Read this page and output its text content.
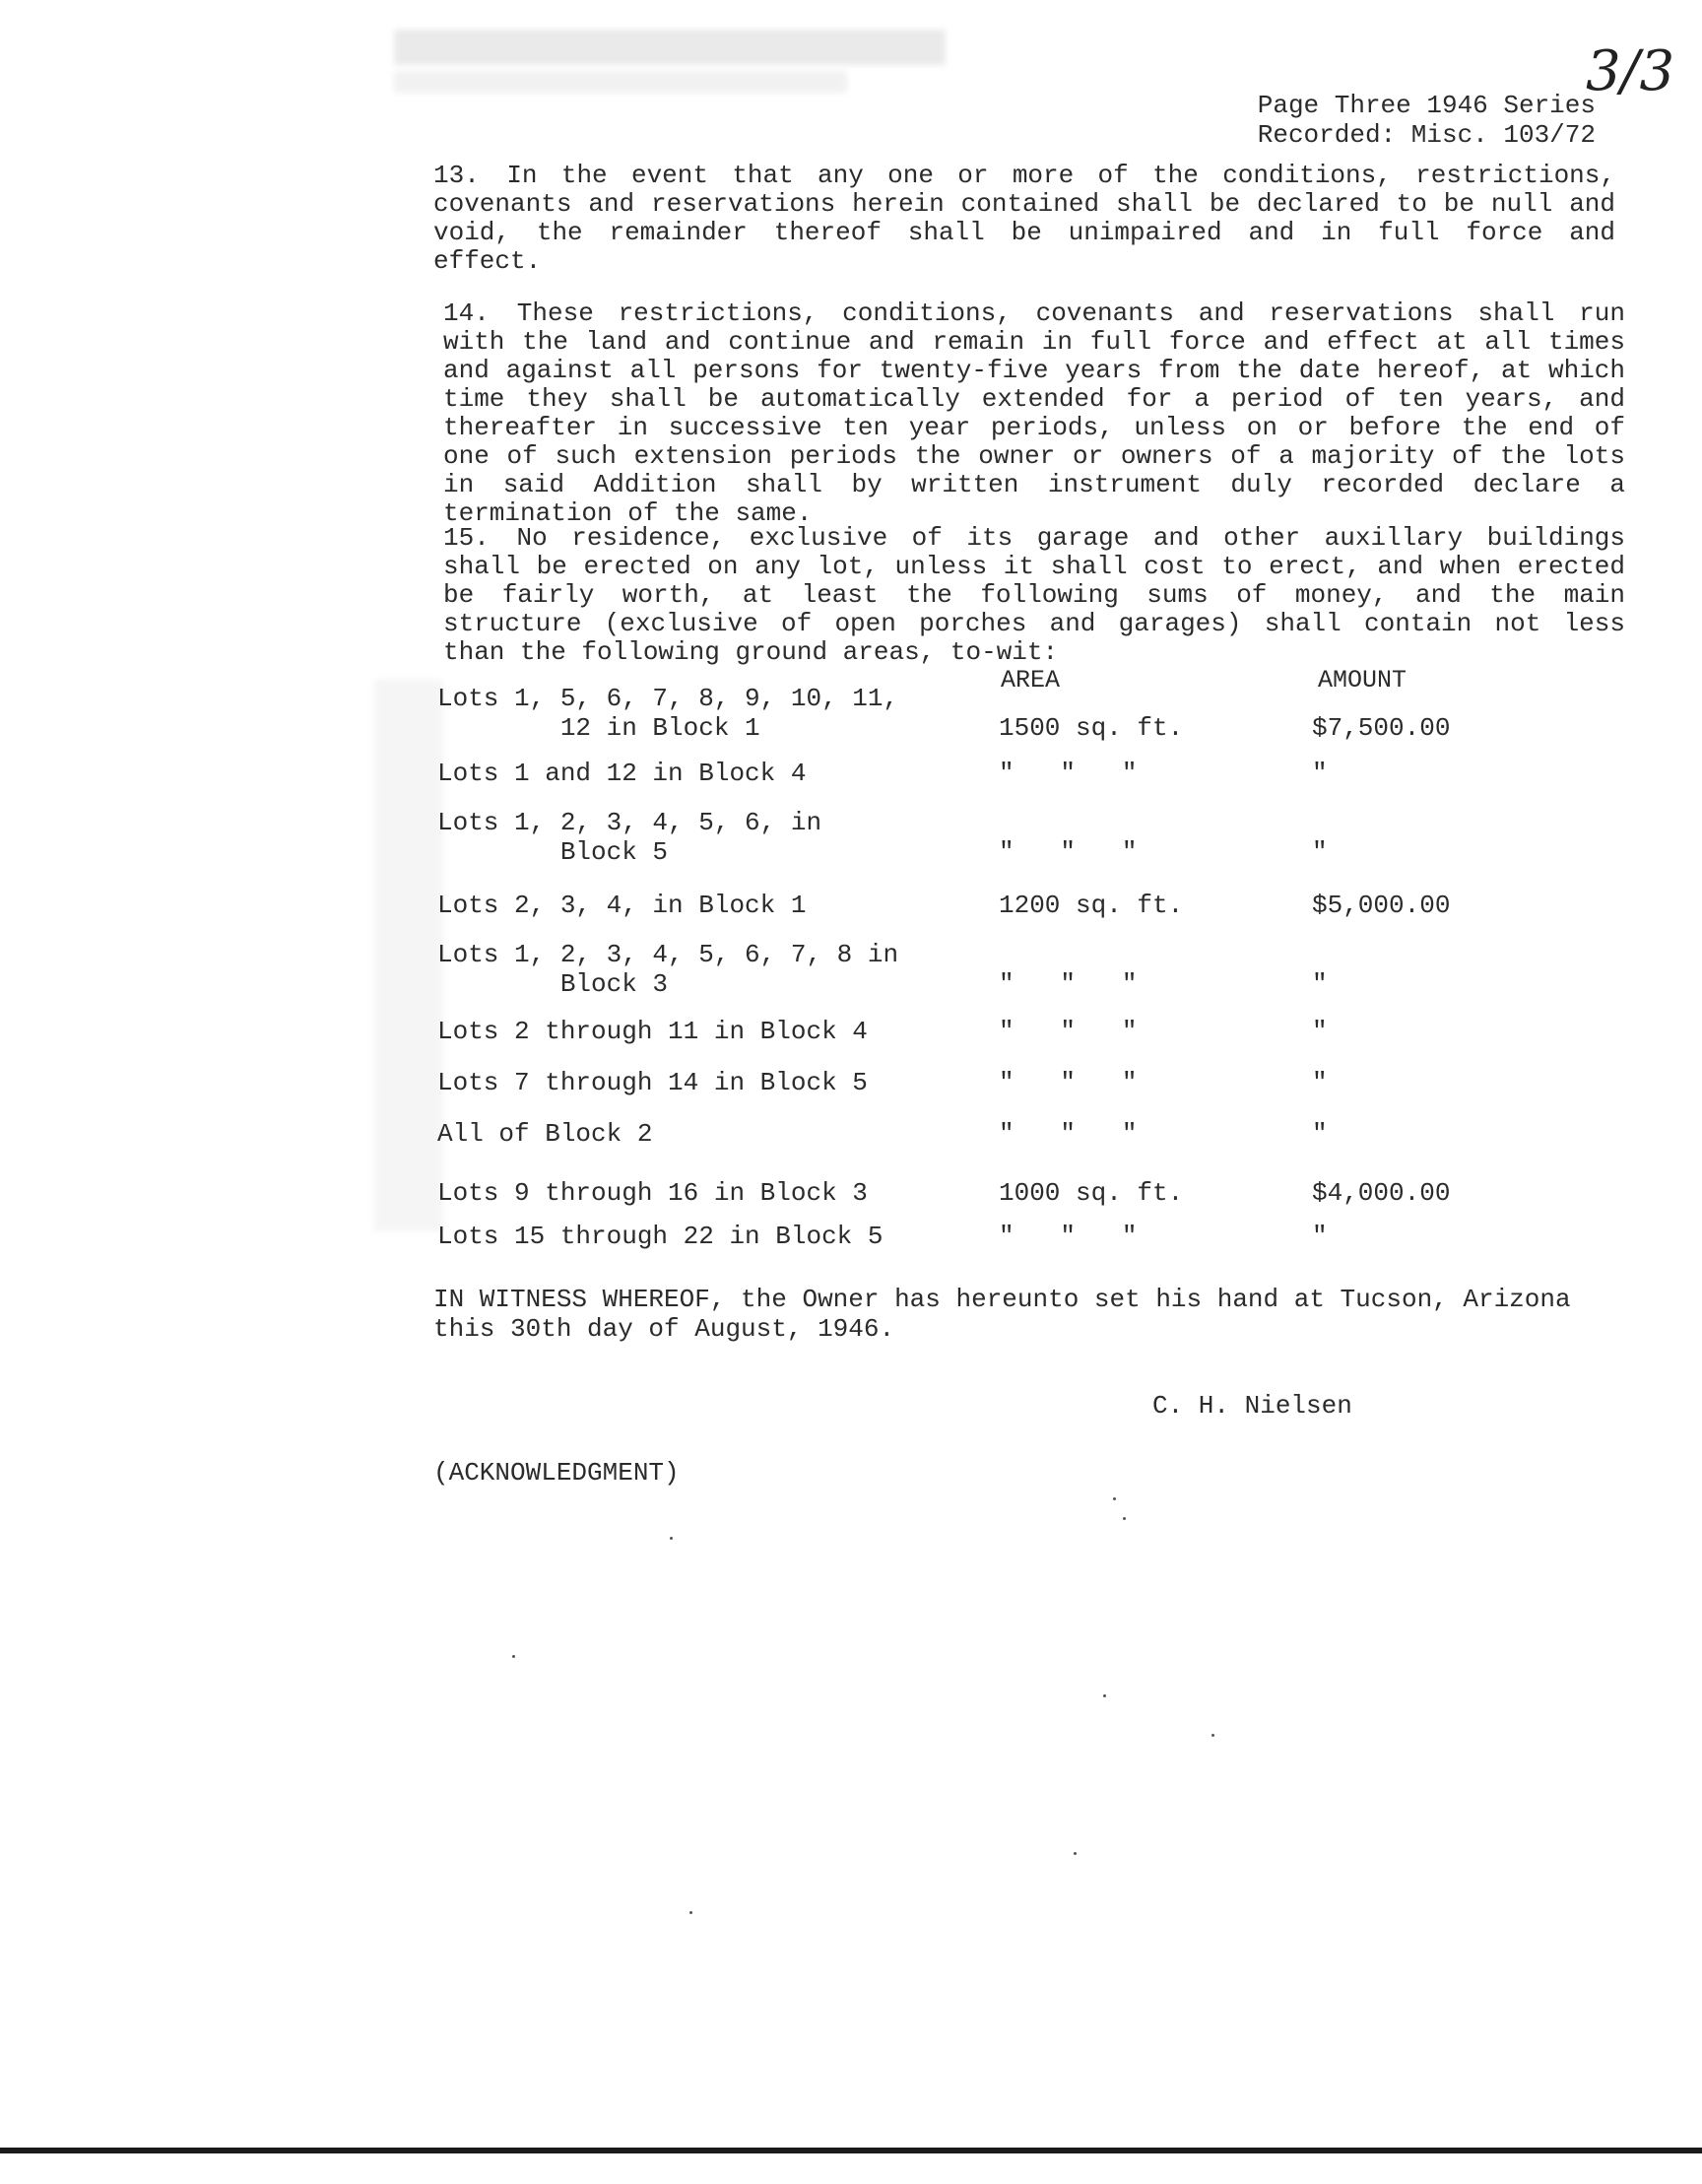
3/3
Page Three 1946 Series
Recorded: Misc. 103/72
13. In the event that any one or more of the conditions, restrictions, covenants and reservations herein contained shall be declared to be null and void, the remainder thereof shall be unimpaired and in full force and effect.
14. These restrictions, conditions, covenants and reservations shall run with the land and continue and remain in full force and effect at all times and against all persons for twenty-five years from the date hereof, at which time they shall be automatically extended for a period of ten years, and thereafter in successive ten year periods, unless on or before the end of one of such extension periods the owner or owners of a majority of the lots in said Addition shall by written instrument duly recorded declare a termination of the same.
15. No residence, exclusive of its garage and other auxillary buildings shall be erected on any lot, unless it shall cost to erect, and when erected be fairly worth, at least the following sums of money, and the main structure (exclusive of open porches and garages) shall contain not less than the following ground areas, to-wit:
AREA	AMOUNT
Lots 1, 5, 6, 7, 8, 9, 10, 11,
12 in Block 1	1500 sq. ft.	$7,500.00
Lots 1 and 12 in Block 4	"   "   "	"
Lots 1, 2, 3, 4, 5, 6, in
Block 5	"   "   "	"
Lots 2, 3, 4, in Block 1	1200 sq. ft.	$5,000.00
Lots 1, 2, 3, 4, 5, 6, 7, 8 in
Block 3	"   "   "	"
Lots 2 through 11 in Block 4	"   "   "	"
Lots 7 through 14 in Block 5	"   "   "	"
All of Block 2	"   "   "	"
Lots 9 through 16 in Block 3	1000 sq. ft.	$4,000.00
Lots 15 through 22 in Block 5	"   "   "	"
IN WITNESS WHEREOF, the Owner has hereunto set his hand at Tucson, Arizona this 30th day of August, 1946.
C. H. Nielsen
(ACKNOWLEDGMENT)
